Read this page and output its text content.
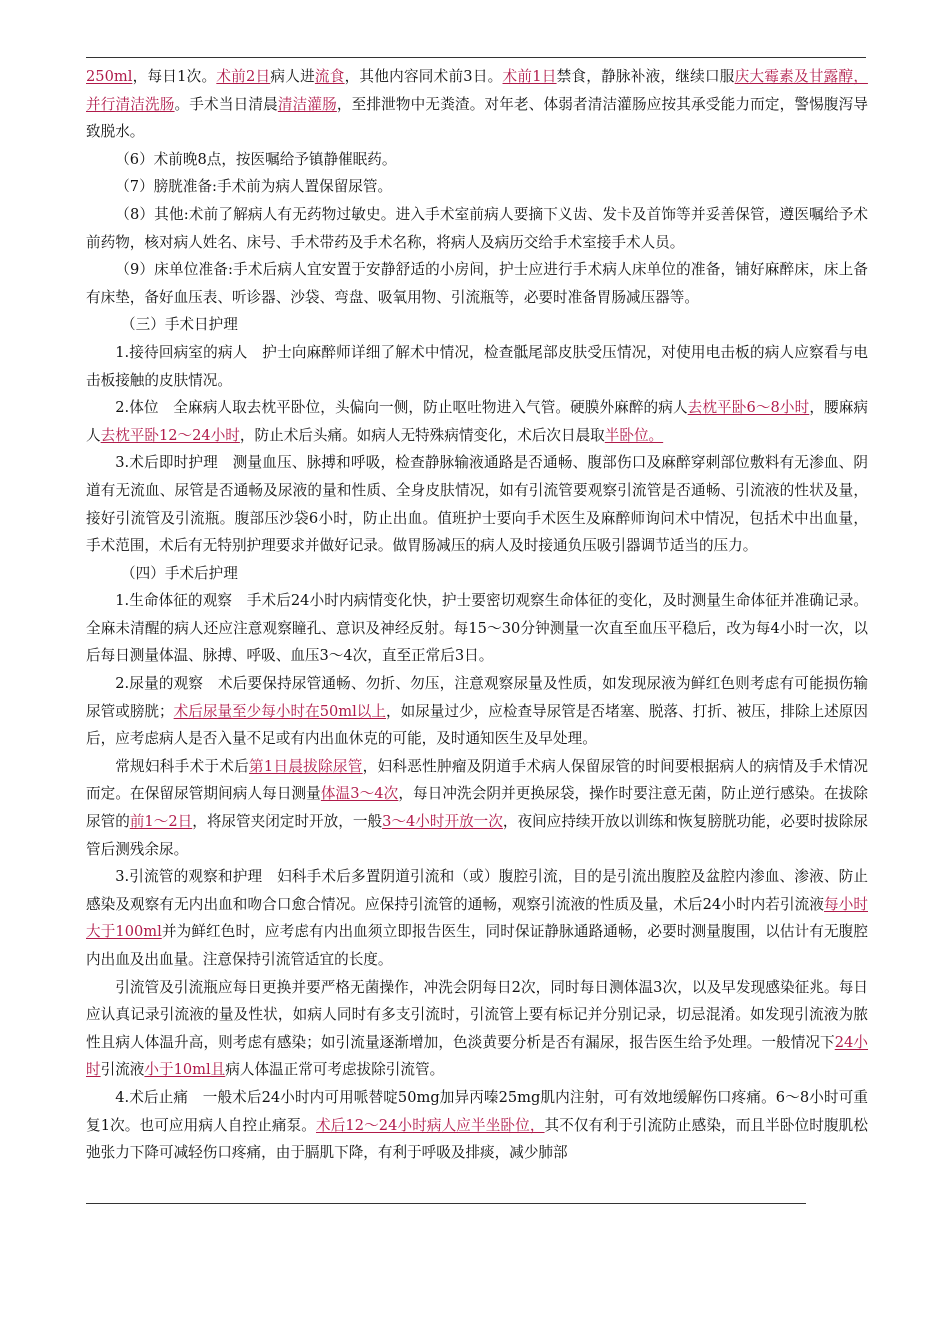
250ml，每日1次。术前2日病人进流食，其他内容同术前3日。术前1日禁食，静脉补液，继续口服庆大霉素及甘露醇，并行清洁洗肠。手术当日清晨清洁灌肠，至排泄物中无粪渣。对年老、体弱者清洁灌肠应按其承受能力而定，警惕腹泻导致脱水。

（6）术前晚8点，按医嘱给予镇静催眠药。

（7）膀胱准备:手术前为病人置保留尿管。

（8）其他:术前了解病人有无药物过敏史。进入手术室前病人要摘下义齿、发卡及首饰等并妥善保管，遵医嘱给予术前药物，核对病人姓名、床号、手术带药及手术名称，将病人及病历交给手术室接手术人员。

（9）床单位准备:手术后病人宜安置于安静舒适的小房间，护士应进行手术病人床单位的准备，铺好麻醉床，床上备有床垫，备好血压表、听诊器、沙袋、弯盘、吸氧用物、引流瓶等，必要时准备胃肠减压器等。

（三）手术日护理

1.接待回病室的病人　护士向麻醉师详细了解术中情况，检查骶尾部皮肤受压情况，对使用电击板的病人应察看与电击板接触的皮肤情况。

2.体位　全麻病人取去枕平卧位，头偏向一侧，防止呕吐物进入气管。硬膜外麻醉的病人去枕平卧6～8小时，腰麻病人去枕平卧12～24小时，防止术后头痛。如病人无特殊病情变化，术后次日晨取半卧位。

3.术后即时护理　测量血压、脉搏和呼吸，检查静脉输液通路是否通畅、腹部伤口及麻醉穿刺部位敷料有无渗血、阴道有无流血、尿管是否通畅及尿液的量和性质、全身皮肤情况，如有引流管要观察引流管是否通畅、引流液的性状及量，接好引流管及引流瓶。腹部压沙袋6小时，防止出血。值班护士要向手术医生及麻醉师询问术中情况，包括术中出血量，手术范围，术后有无特别护理要求并做好记录。做胃肠减压的病人及时接通负压吸引器调节适当的压力。

（四）手术后护理

1.生命体征的观察　手术后24小时内病情变化快，护士要密切观察生命体征的变化，及时测量生命体征并准确记录。全麻未清醒的病人还应注意观察瞳孔、意识及神经反射。每15～30分钟测量一次直至血压平稳后，改为每4小时一次，以后每日测量体温、脉搏、呼吸、血压3～4次，直至正常后3日。

2.尿量的观察　术后要保持尿管通畅、勿折、勿压，注意观察尿量及性质，如发现尿液为鲜红色则考虑有可能损伤输尿管或膀胱；术后尿量至少每小时在50ml以上，如尿量过少，应检查导尿管是否堵塞、脱落、打折、被压，排除上述原因后，应考虑病人是否入量不足或有内出血休克的可能，及时通知医生及早处理。

常规妇科手术于术后第1日晨拔除尿管，妇科恶性肿瘤及阴道手术病人保留尿管的时间要根据病人的病情及手术情况而定。在保留尿管期间病人每日测量体温3～4次，每日冲洗会阴并更换尿袋，操作时要注意无菌，防止逆行感染。在拔除尿管的前1～2日，将尿管夹闭定时开放，一般3～4小时开放一次，夜间应持续开放以训练和恢复膀胱功能，必要时拔除尿管后测残余尿。

3.引流管的观察和护理　妇科手术后多置阴道引流和（或）腹腔引流，目的是引流出腹腔及盆腔内渗血、渗液、防止感染及观察有无内出血和吻合口愈合情况。应保持引流管的通畅，观察引流液的性质及量，术后24小时内若引流液每小时大于100ml并为鲜红色时，应考虑有内出血须立即报告医生，同时保证静脉通路通畅，必要时测量腹围，以估计有无腹腔内出血及出血量。注意保持引流管适宜的长度。

引流管及引流瓶应每日更换并要严格无菌操作，冲洗会阴每日2次，同时每日测体温3次，以及早发现感染征兆。每日应认真记录引流液的量及性状，如病人同时有多支引流时，引流管上要有标记并分别记录，切忌混淆。如发现引流液为脓性且病人体温升高，则考虑有感染；如引流量逐渐增加，色淡黄要分析是否有漏尿，报告医生给予处理。一般情况下24小时引流液小于10ml且病人体温正常可考虑拔除引流管。

4.术后止痛　一般术后24小时内可用哌替啶50mg加异丙嗪25mg肌内注射，可有效地缓解伤口疼痛。6～8小时可重复1次。也可应用病人自控止痛泵。术后12～24小时病人应半坐卧位，其不仅有利于引流防止感染，而且半卧位时腹肌松弛张力下降可减轻伤口疼痛，由于膈肌下降，有利于呼吸及排痰，减少肺部
